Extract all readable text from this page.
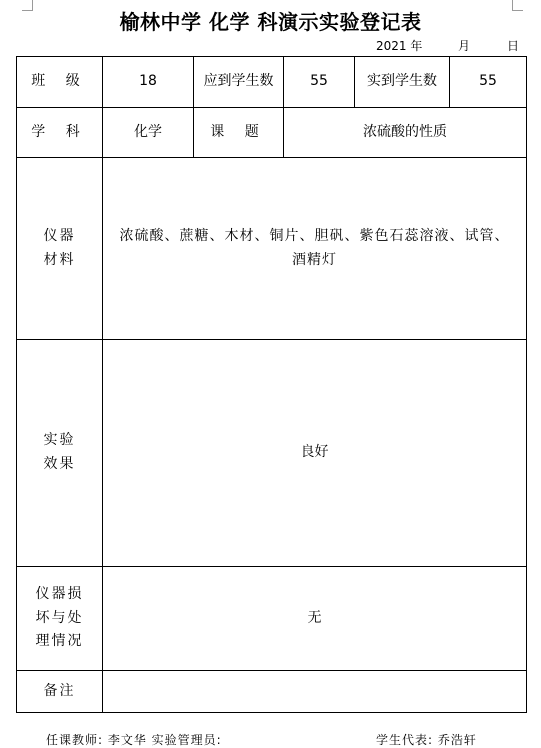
榆林中学 化学 科演示实验登记表
2021 年	月	日
班 级	18	应到学生数	55	实到学生数	55
学 科	化学	课 题	浓硫酸的性质		

仪器
材料	浓硫酸、蔗糖、木材、铜片、胆矾、紫色石蕊溶液、试管、 酒精灯				

实验
效果	良好				

仪器损
坏与处
理情况	无				
备注					
任课教师: 李文华 实验管理员:	学生代表: 乔浩轩
